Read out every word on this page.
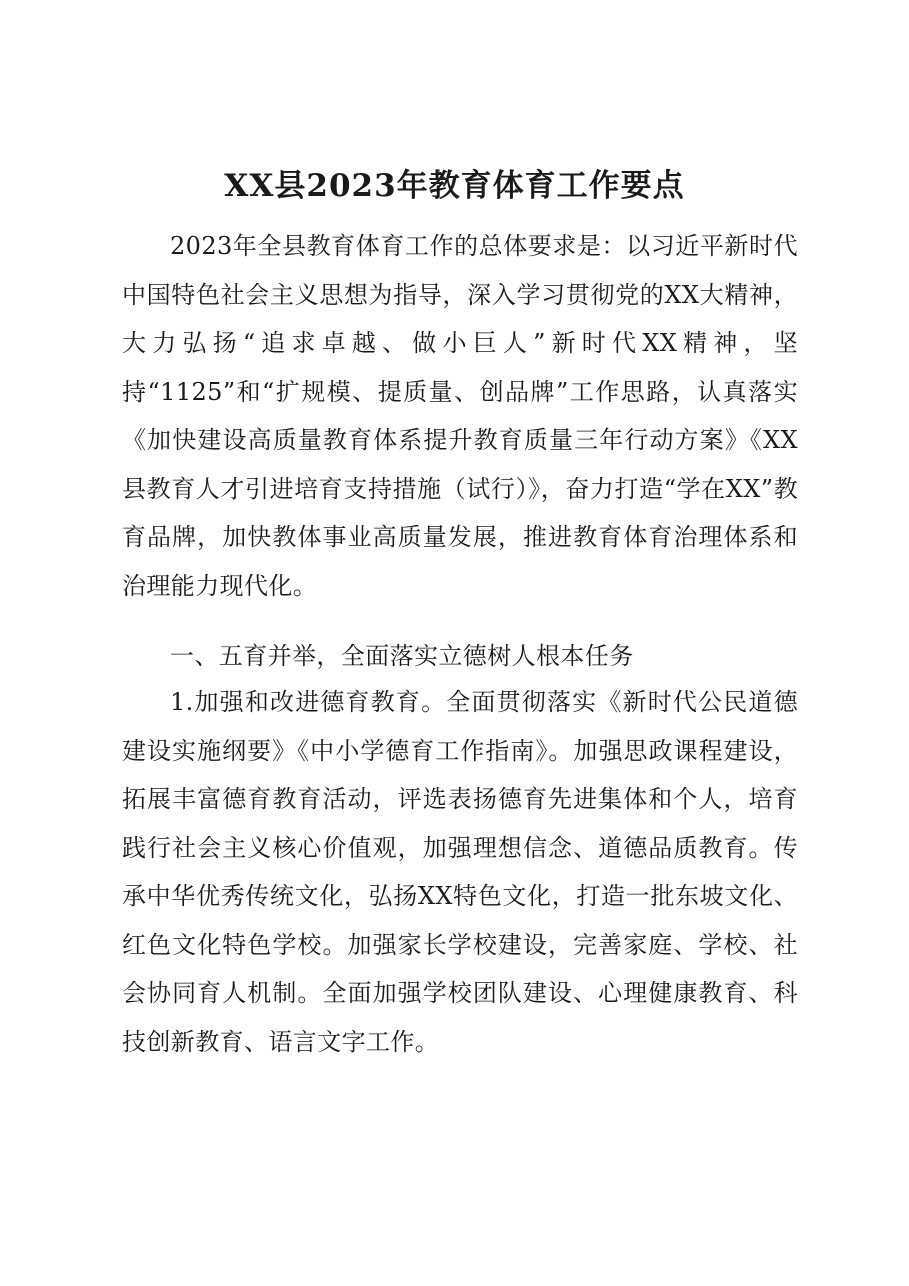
XX县2023年教育体育工作要点

2023年全县教育体育工作的总体要求是：以习近平新时代中国特色社会主义思想为指导，深入学习贯彻党的XX大精神，大力弘扬“追求卓越、做小巨人”新时代XX精神，坚持“1125”和“扩规模、提质量、创品牌”工作思路，认真落实《加快建设高质量教育体系提升教育质量三年行动方案》《XX县教育人才引进培育支持措施（试行）》，奋力打造“学在XX”教育品牌，加快教体事业高质量发展，推进教育体育治理体系和治理能力现代化。

一、五育并举，全面落实立德树人根本任务

1.加强和改进德育教育。全面贯彻落实《新时代公民道德建设实施纲要》《中小学德育工作指南》。加强思政课程建设，拓展丰富德育教育活动，评选表扬德育先进集体和个人，培育践行社会主义核心价值观，加强理想信念、道德品质教育。传承中华优秀传统文化，弘扬XX特色文化，打造一批东坡文化、红色文化特色学校。加强家长学校建设，完善家庭、学校、社会协同育人机制。全面加强学校团队建设、心理健康教育、科技创新教育、语言文字工作。
